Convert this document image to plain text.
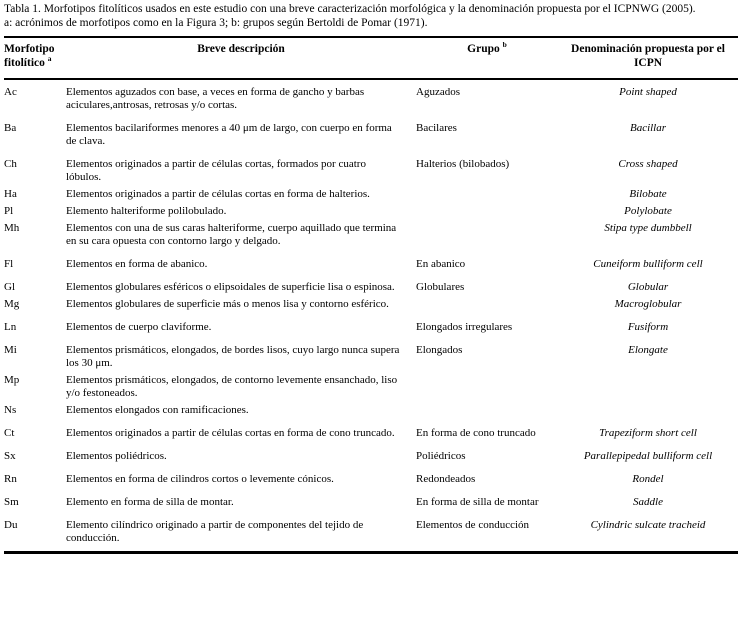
Tabla 1. Morfotipos fitolíticos usados en este estudio con una breve caracterización morfológica y la denominación propuesta por el ICPNWG (2005).
a: acrónimos de morfotipos como en la Figura 3; b: grupos según Bertoldi de Pomar (1971).
Morfotipo fitolítico $^a$	Breve descripción	Grupo $^b$	Denominación propuesta por el ICPN
Ac	Elementos aguzados con base, a veces en forma de gancho y barbas aciculares,antrosas, retrosas y/o cortas.	Aguzados	Point shaped
Ba	Elementos bacilariformes menores a 40 μm de largo, con cuerpo en forma de clava.	Bacilares	Bacillar
Ch	Elementos originados a partir de células cortas, formados por cuatro lóbulos.	Halterios (bilobados)	Cross shaped
Ha	Elementos originados a partir de células cortas en forma de halterios.		Bilobate
Pl	Elemento halteriforme polilobulado.		Polylobate
Mh	Elementos con una de sus caras halteriforme, cuerpo aquillado que termina en su cara opuesta con contorno largo y delgado.		Stipa type dumbbell
Fl	Elementos en forma de abanico.	En abanico	Cuneiform bulliform cell
Gl	Elementos globulares esféricos o elipsoidales de superficie lisa o espinosa.	Globulares	Globular
Mg	Elementos globulares de superficie más o menos lisa y contorno esférico.		Macroglobular
Ln	Elementos de cuerpo claviforme.	Elongados irregulares	Fusiform
Mi	Elementos prismáticos, elongados, de bordes lisos, cuyo largo nunca supera los 30 μm.	Elongados	Elongate
Mp	Elementos prismáticos, elongados, de contorno levemente ensanchado, liso y/o festoneados.		
Ns	Elementos elongados con ramificaciones.		
Ct	Elementos originados a partir de células cortas en forma de cono truncado.	En forma de cono truncado	Trapeziform short cell
Sx	Elementos poliédricos.	Poliédricos	Parallepipedal bulliform cell
Rn	Elementos en forma de cilindros cortos o levemente cónicos.	Redondeados	Rondel
Sm	Elemento en forma de silla de montar.	En forma de silla de montar	Saddle
Du	Elemento cilíndrico originado a partir de componentes del tejido de conducción.	Elementos de conducción	Cylindric sulcate tracheid
